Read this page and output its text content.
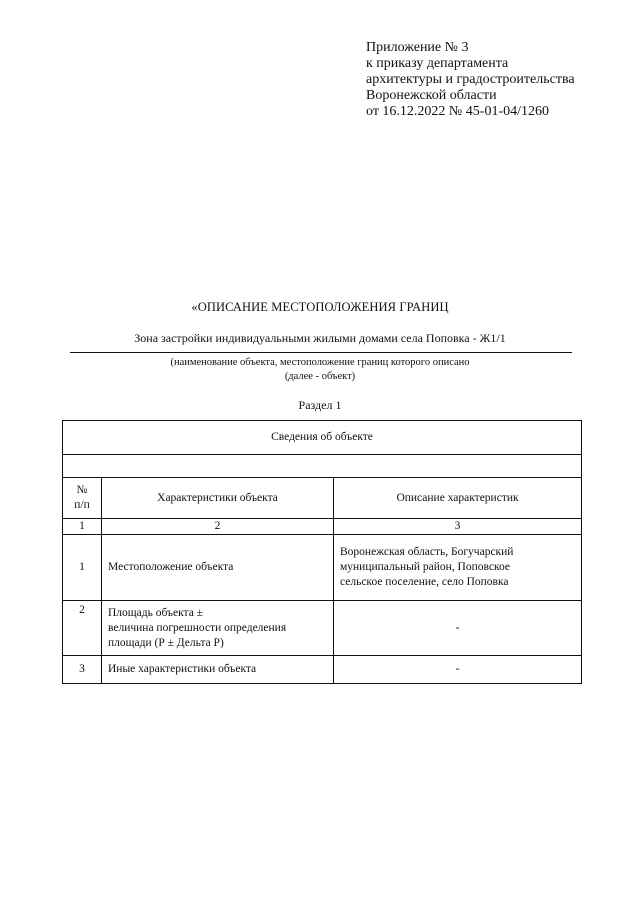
Приложение № 3
к приказу департамента
архитектуры и градостроительства
Воронежской области
от 16.12.2022 № 45-01-04/1260
«ОПИСАНИЕ МЕСТОПОЛОЖЕНИЯ ГРАНИЦ
Зона застройки индивидуальными жилыми домами села Поповка - Ж1/1
(наименование объекта, местоположение границ которого описано
(далее - объект)
Раздел 1
Сведения об объекте		

№
п/п	Характеристики объекта	Описание характеристик
1	2	3
1	Местоположение объекта	Воронежская область, Богучарский
муниципальный район, Поповское
сельское поселение, село Поповка

2	Площадь объекта ±
величина погрешности определения
площади (Р ± Дельта Р)	-
3	Иные характеристики объекта	-
